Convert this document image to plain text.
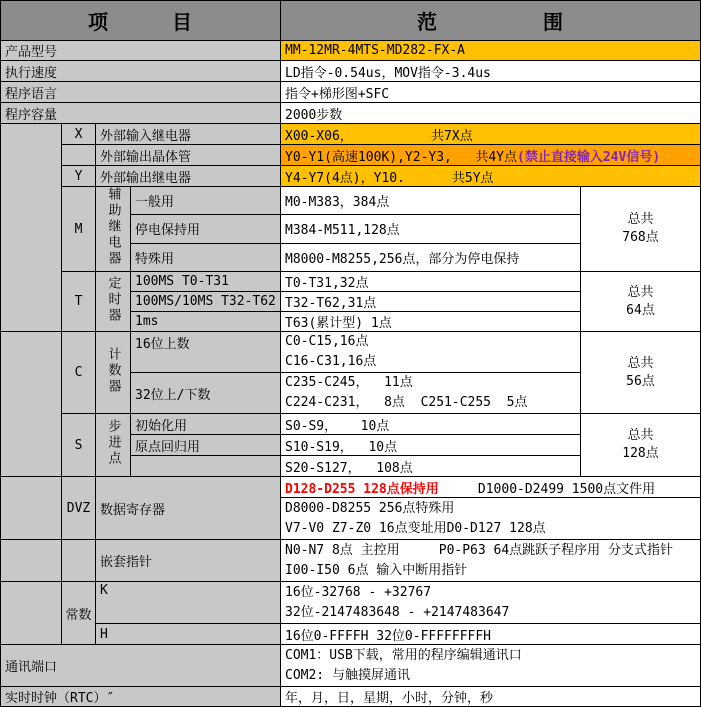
项　　　目				范　　　　　围	
产品型号				MM-12MR-4MTS-MD282-FX-A	
执行速度				LD指令-0.54us，MOV指令-3.4us	
程序语言				指令+梯形图+SFC	
程序容量				2000步数	
	X	外部输入继电器		X00-X06，          共7X点	
		外部输出晶体管		Y0-Y1(高速100K),Y2-Y3,   共4Y点(禁止直接输入24V信号)	
	Y	外部输出继电器		Y4-Y7(4点)，Y10.      共5Y点	
	M	辅助继电器	一般用	M0-M383，384点	总共
768点

			停电保持用	M384-M511,128点	
			特殊用	M8000-M8255,256点，部分为停电保持	
	T	定时器	100MS T0-T31	T0-T31,32点	总共
64点

			100MS/10MS T32-T62	T32-T62,31点	
			1ms	T63(累计型) 1点	
	C	计数器	16位上数	C0-C15,16点
C16-C31,16点	总共
56点

			32位上/下数	C235-C245，  11点
C224-C231，  8点  C251-C255  5点	

	S	步进点	初始化用	S0-S9，   10点	总共
128点

			原点回归用	S10-S19，  10点	
				S20-S127，  108点	
	DVZ	数据寄存器		D128-D255 128点保持用     D1000-D2499 1500点文件用	

				D8000-D8255 256点特殊用
V7-V0 Z7-Z0 16点变址用D0-D127 128点	

		嵌套指针		N0-N7 8点 主控用     P0-P63 64点跳跃子程序用 分支式指针
I00-I50 6点 输入中断用指针	

	常数	K		16位-32768 - +32767
32位-2147483648 - +2147483647	

		H		16位0-FFFFH 32位0-FFFFFFFFH	
通讯端口				COM1：USB下载，常用的程序编辑通讯口
COM2: 与触摸屏通讯	

实时时钟（RTC）″				年，月，日，星期，小时，分钟，秒	
